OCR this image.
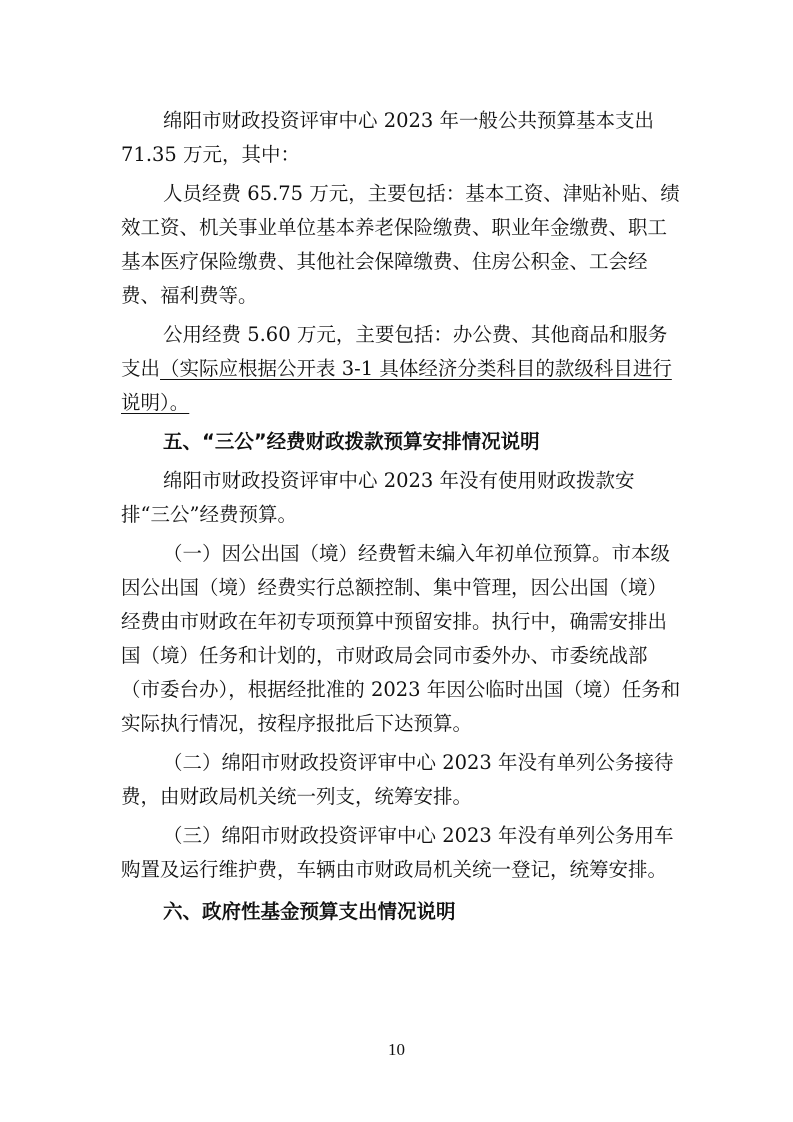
绵阳市财政投资评审中心 2023 年一般公共预算基本支出 71.35 万元，其中：

人员经费 65.75 万元，主要包括：基本工资、津贴补贴、绩效工资、机关事业单位基本养老保险缴费、职业年金缴费、职工基本医疗保险缴费、其他社会保障缴费、住房公积金、工会经费、福利费等。

公用经费 5.60 万元，主要包括：办公费、其他商品和服务支出（实际应根据公开表 3-1 具体经济分类科目的款级科目进行说明）。

五、“三公”经费财政拨款预算安排情况说明

绵阳市财政投资评审中心 2023 年没有使用财政拨款安排“三公”经费预算。

（一）因公出国（境）经费暂未编入年初单位预算。市本级因公出国（境）经费实行总额控制、集中管理，因公出国（境）经费由市财政在年初专项预算中预留安排。执行中，确需安排出国（境）任务和计划的，市财政局会同市委外办、市委统战部（市委台办），根据经批准的 2023 年因公临时出国（境）任务和实际执行情况，按程序报批后下达预算。

（二）绵阳市财政投资评审中心 2023 年没有单列公务接待费，由财政局机关统一列支，统筹安排。

（三）绵阳市财政投资评审中心 2023 年没有单列公务用车购置及运行维护费，车辆由市财政局机关统一登记，统筹安排。

六、政府性基金预算支出情况说明

10
